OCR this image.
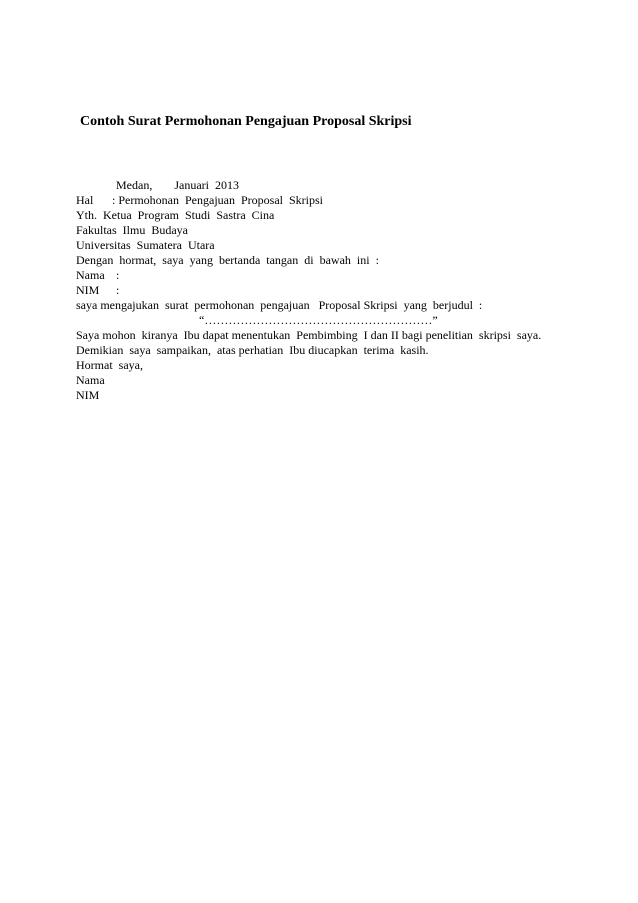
Contoh Surat Permohonan Pengajuan Proposal Skripsi
Medan, Januari  2013
Hal	: Permohonan  Pengajuan  Proposal  Skripsi
Yth.  Ketua  Program  Studi  Sastra  Cina
Fakultas  Ilmu  Budaya
Universitas  Sumatera  Utara
Dengan  hormat,  saya  yang  bertanda  tangan  di  bawah  ini  :
Nama :
NIM	:
saya mengajukan  surat  permohonan  pengajuan   Proposal Skripsi  yang  berjudul  :
“…………………………………………………”
Saya mohon  kiranya  Ibu dapat menentukan  Pembimbing  I dan II bagi penelitian  skripsi  saya.
Demikian  saya  sampaikan,  atas perhatian  Ibu diucapkan  terima  kasih.
Hormat  saya,
Nama
NIM
